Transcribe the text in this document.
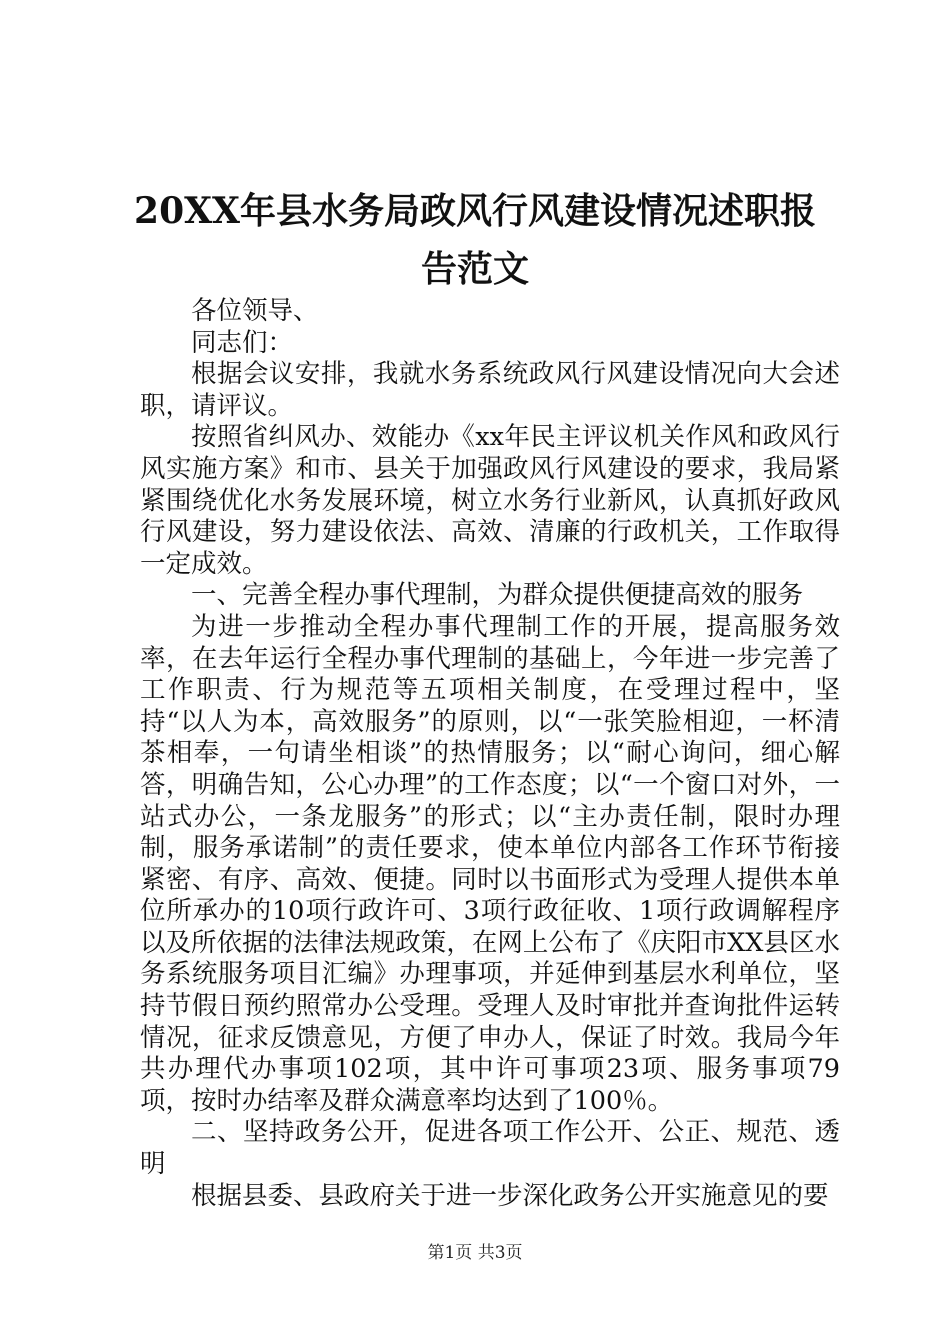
20XX年县水务局政风行风建设情况述职报告范文

各位领导、

同志们：

根据会议安排，我就水务系统政风行风建设情况向大会述职，请评议。

按照省纠风办、效能办《xx年民主评议机关作风和政风行风实施方案》和市、县关于加强政风行风建设的要求，我局紧紧围绕优化水务发展环境，树立水务行业新风，认真抓好政风行风建设，努力建设依法、高效、清廉的行政机关，工作取得一定成效。

一、完善全程办事代理制，为群众提供便捷高效的服务

为进一步推动全程办事代理制工作的开展，提高服务效率，在去年运行全程办事代理制的基础上，今年进一步完善了工作职责、行为规范等五项相关制度，在受理过程中，坚持“以人为本，高效服务”的原则，以“一张笑脸相迎，一杯清茶相奉，一句请坐相谈”的热情服务；以“耐心询问，细心解答，明确告知，公心办理”的工作态度；以“一个窗口对外，一站式办公，一条龙服务”的形式；以“主办责任制，限时办理制，服务承诺制”的责任要求，使本单位内部各工作环节衔接紧密、有序、高效、便捷。同时以书面形式为受理人提供本单位所承办的10项行政许可、3项行政征收、1项行政调解程序以及所依据的法律法规政策，在网上公布了《庆阳市XX县区水务系统服务项目汇编》办理事项，并延伸到基层水利单位，坚持节假日预约照常办公受理。受理人及时审批并查询批件运转情况，征求反馈意见，方便了申办人，保证了时效。我局今年共办理代办事项102项，其中许可事项23项、服务事项79项，按时办结率及群众满意率均达到了100％。

二、坚持政务公开，促进各项工作公开、公正、规范、透明

根据县委、县政府关于进一步深化政务公开实施意见的要

第1页 共3页
